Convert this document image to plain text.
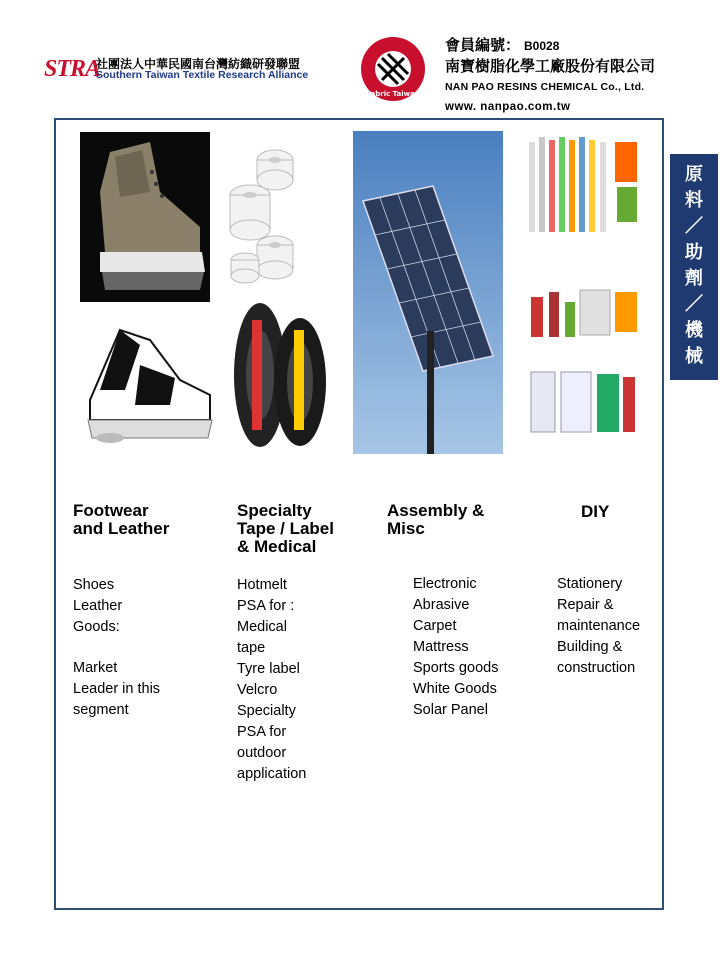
STRA
社團法人中華民國南台灣紡織研發聯盟
Southern Taiwan Textile Research Alliance
Fabric Taiwan
會員編號： B0028
南寶樹脂化學工廠股份有限公司
NAN PAO RESINS CHEMICAL Co., Ltd.
www. nanpao.com.tw
原
料
／
助
劑
／
機
械
Footwear
and Leather
Shoes
Leather
Goods:
Market
Leader in this
segment
Specialty
Tape / Label
& Medical
Hotmelt
PSA for :
Medical
tape
Tyre label
Velcro
Specialty
PSA for
outdoor
application
Assembly &
Misc
Electronic
Abrasive
Carpet
Mattress
Sports goods
White Goods
Solar Panel
DIY
Stationery
Repair &
maintenance
Building &
construction
